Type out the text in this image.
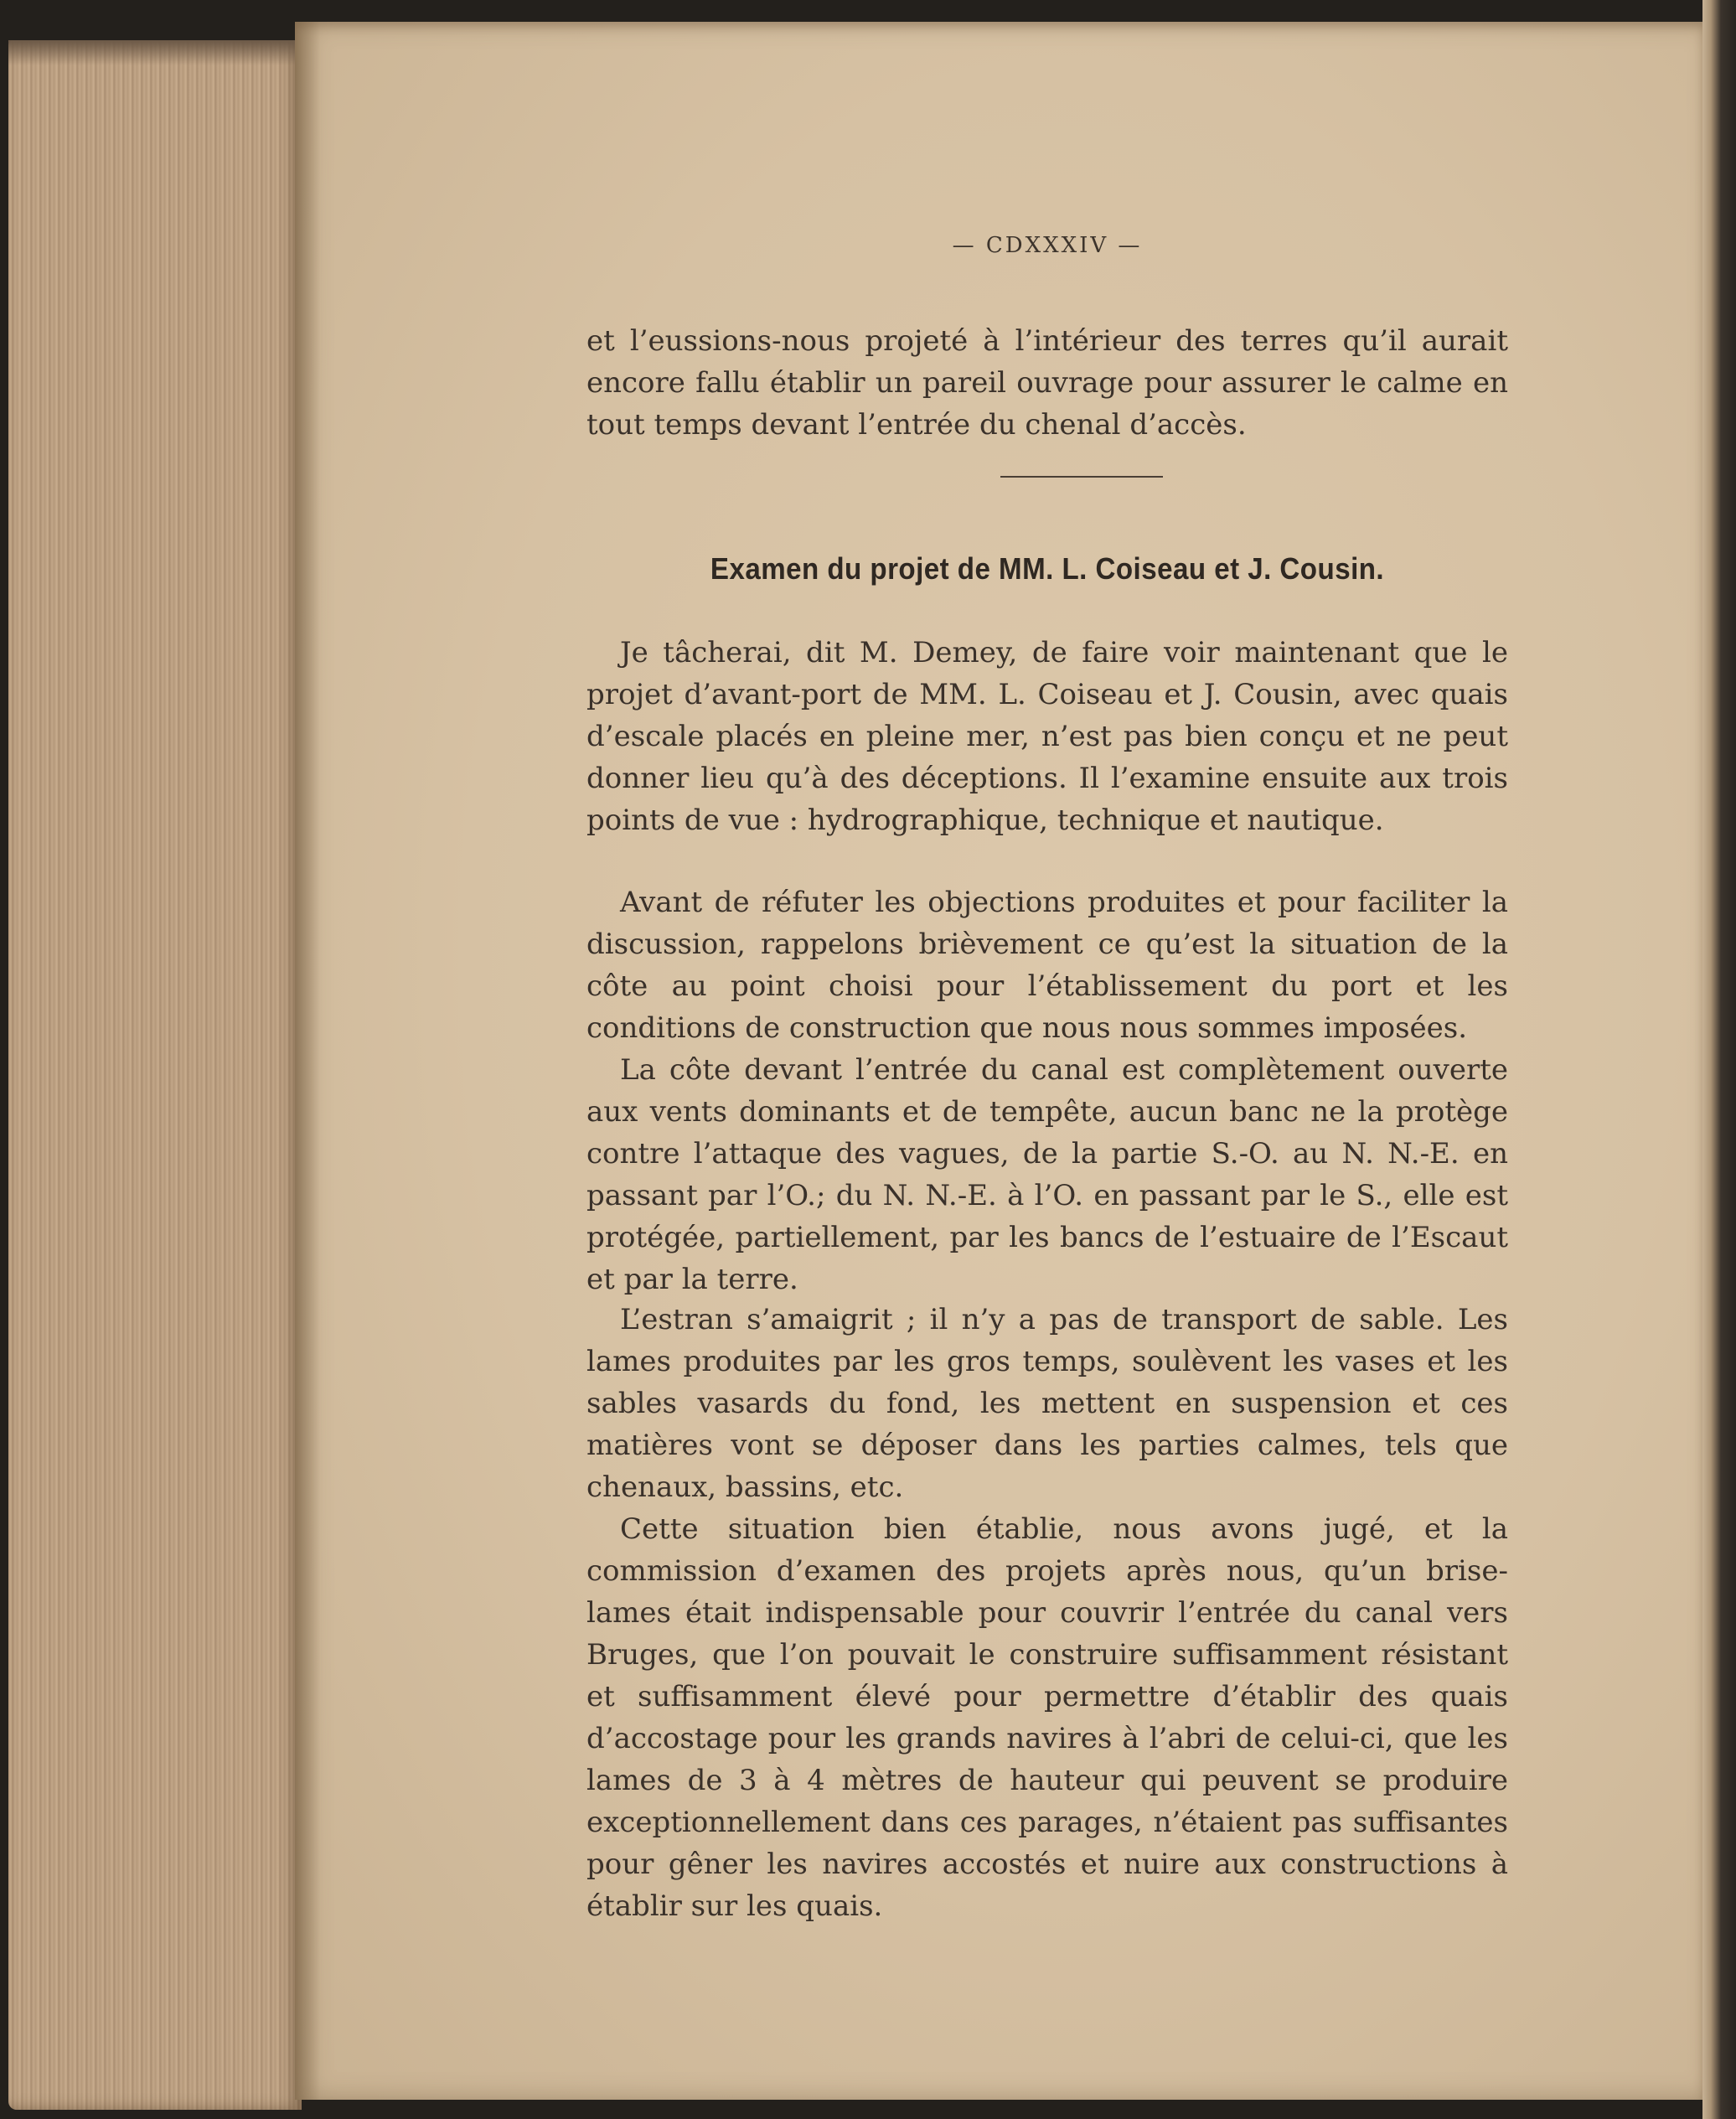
— CDXXXIV —

et l’eussions-nous projeté à l’intérieur des terres qu’il aurait encore fallu établir un pareil ouvrage pour assurer le calme en tout temps devant l’entrée du chenal d’accès.

Examen du projet de MM. L. Coiseau et J. Cousin.

Je tâcherai, dit M. Demey, de faire voir maintenant que le projet d’avant-port de MM. L. Coiseau et J. Cousin, avec quais d’escale placés en pleine mer, n’est pas bien conçu et ne peut donner lieu qu’à des déceptions. Il l’examine ensuite aux trois points de vue : hydrographique, technique et nautique.

Avant de réfuter les objections produites et pour faciliter la discussion, rappelons brièvement ce qu’est la situation de la côte au point choisi pour l’établissement du port et les conditions de construction que nous nous sommes imposées.

La côte devant l’entrée du canal est complètement ouverte aux vents dominants et de tempête, aucun banc ne la protège contre l’attaque des vagues, de la partie S.-O. au N. N.-E. en passant par l’O.; du N. N.-E. à l’O. en passant par le S., elle est protégée, partiellement, par les bancs de l’estuaire de l’Escaut et par la terre.

L’estran s’amaigrit ; il n’y a pas de transport de sable. Les lames produites par les gros temps, soulèvent les vases et les sables vasards du fond, les mettent en suspension et ces matières vont se déposer dans les parties calmes, tels que chenaux, bassins, etc.

Cette situation bien établie, nous avons jugé, et la commission d’examen des projets après nous, qu’un brise-lames était indispensable pour couvrir l’entrée du canal vers Bruges, que l’on pouvait le construire suffisamment résistant et suffisamment élevé pour permettre d’établir des quais d’accostage pour les grands navires à l’abri de celui-ci, que les lames de 3 à 4 mètres de hauteur qui peuvent se produire exceptionnellement dans ces parages, n’étaient pas suffisantes pour gêner les navires accostés et nuire aux constructions à établir sur les quais.
